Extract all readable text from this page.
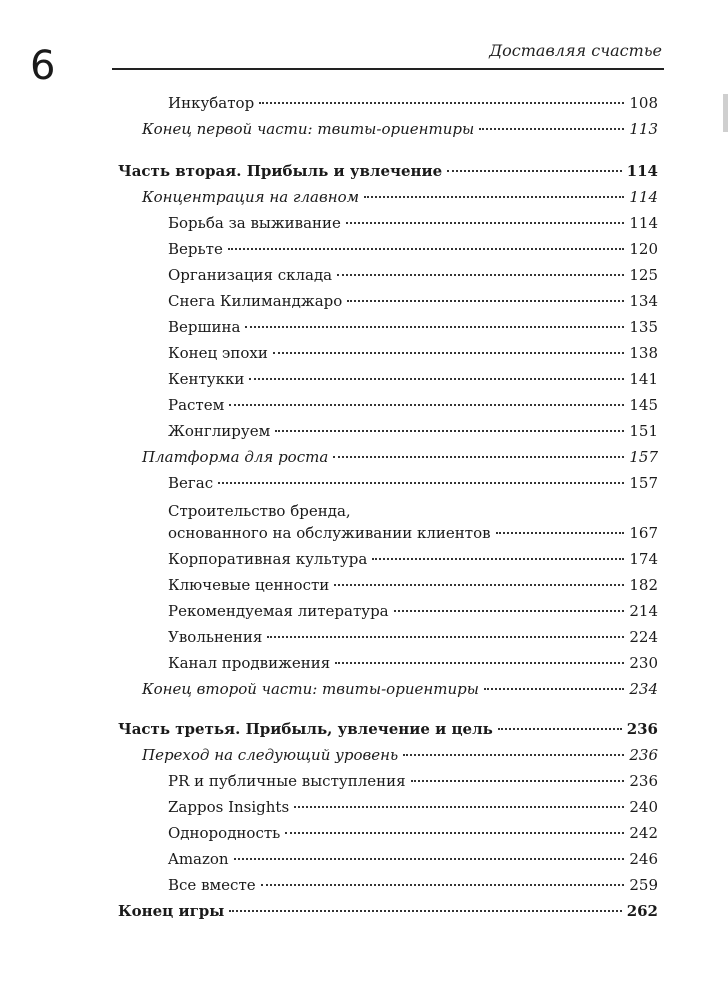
6	Доставляя счастье
Инкубатор	108
Конец первой части: твиты-ориентиры	113
Часть вторая. Прибыль и увлечение	114
Концентрация на главном	114
Борьба за выживание	114
Верьте	120
Организация склада	125
Снега Килиманджаро	134
Вершина	135
Конец эпохи	138
Кентукки	141
Растем	145
Жонглируем	151
Платформа для роста	157
Вегас	157
Строительство бренда,
основанного на обслуживании клиентов	167
Корпоративная культура	174
Ключевые ценности	182
Рекомендуемая литература	214
Увольнения	224
Канал продвижения	230
Конец второй части: твиты-ориентиры	234
Часть третья. Прибыль, увлечение и цель	236
Переход на следующий уровень	236
PR и публичные выступления	236
Zappos Insights	240
Однородность	242
Amazon	246
Все вместе	259
Конец игры	262
